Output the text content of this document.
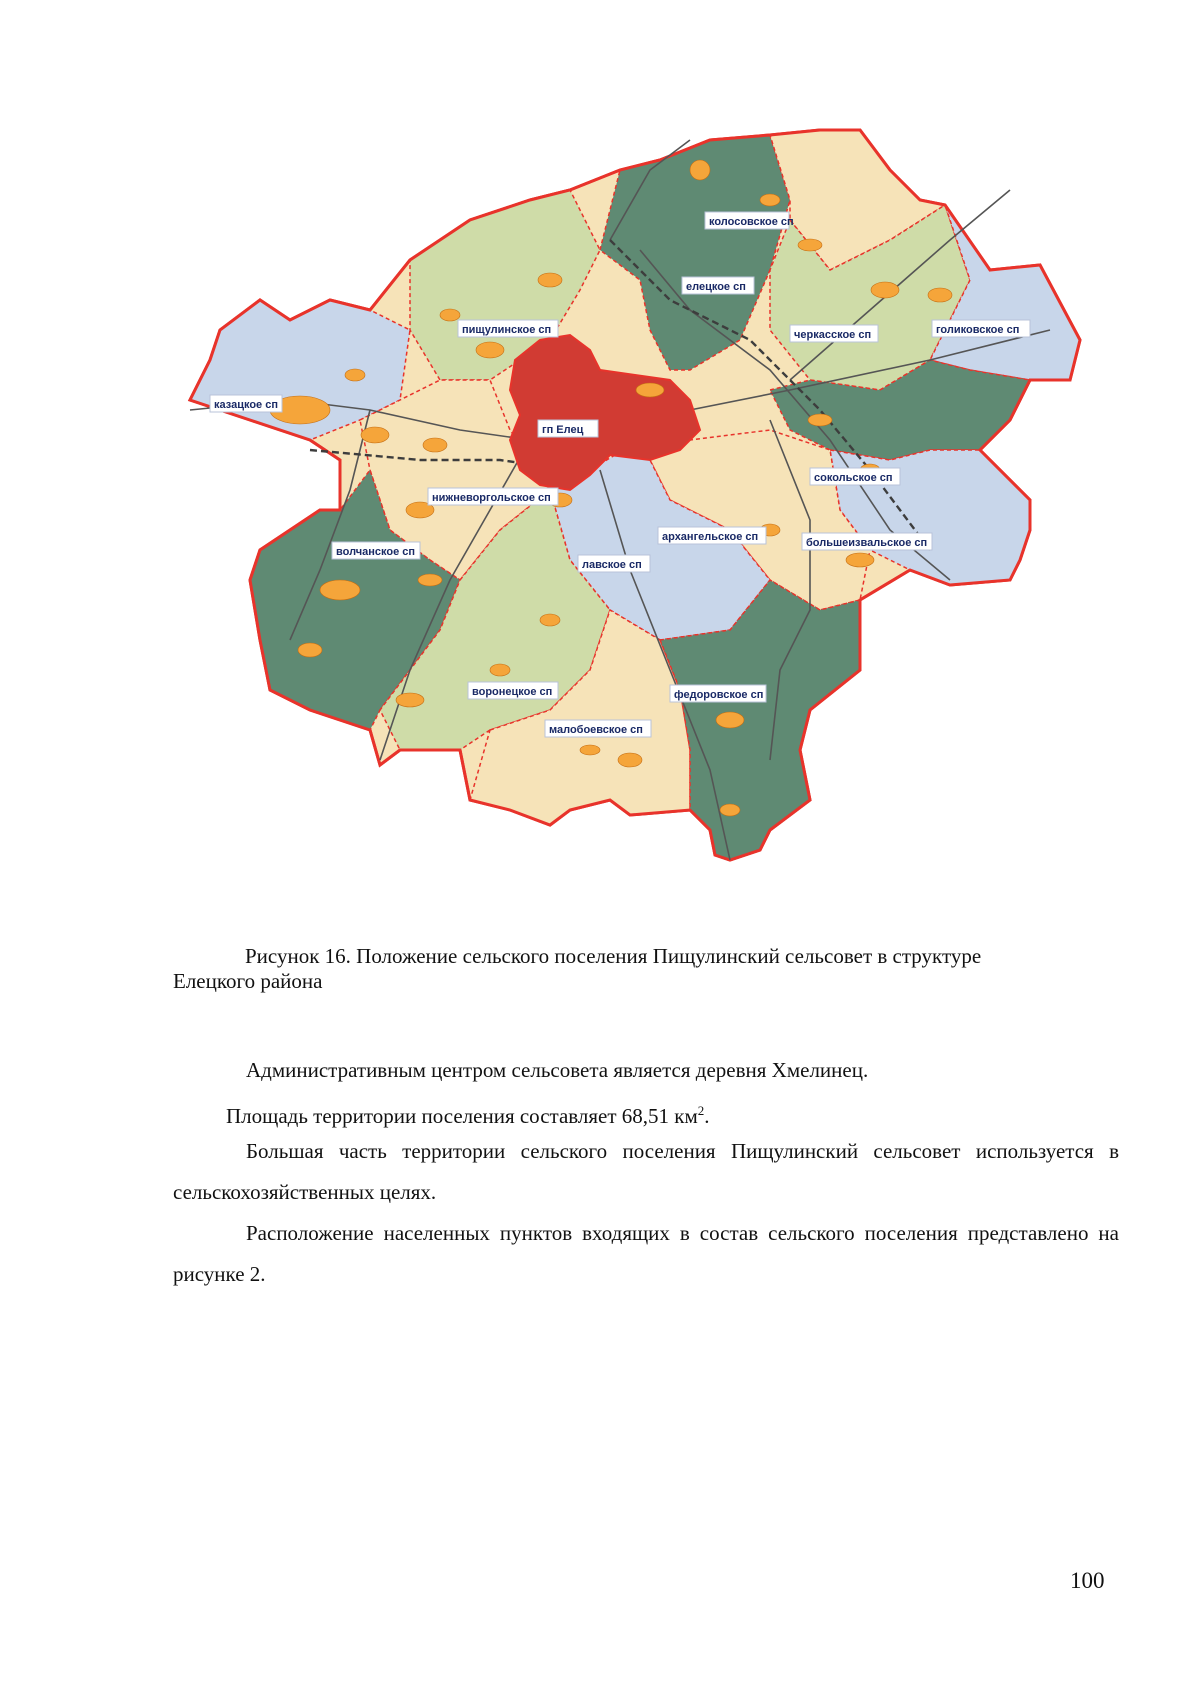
колосовское сп
елецкое сп
пищулинское сп	черкасское сп	голиковское сп
казацкое сп
гп Елец
сокольское сп
нижневоргольское сп
архангельское сп	большеизвальское сп
волчанское сп
лавское сп
воронецкое сп	федоровское сп
малобоевское сп
Рисунок 16. Положение сельского поселения Пищулинский сельсовет в структуре
Елецкого района
Административным центром сельсовета является деревня Хмелинец.
Площадь территории поселения составляет 68,51 $км^2$.
Большая часть территории сельского поселения Пищулинский сельсовет используется в сельскохозяйственных целях.
Расположение населенных пунктов входящих в состав сельского поселения представлено на рисунке 2.
100
